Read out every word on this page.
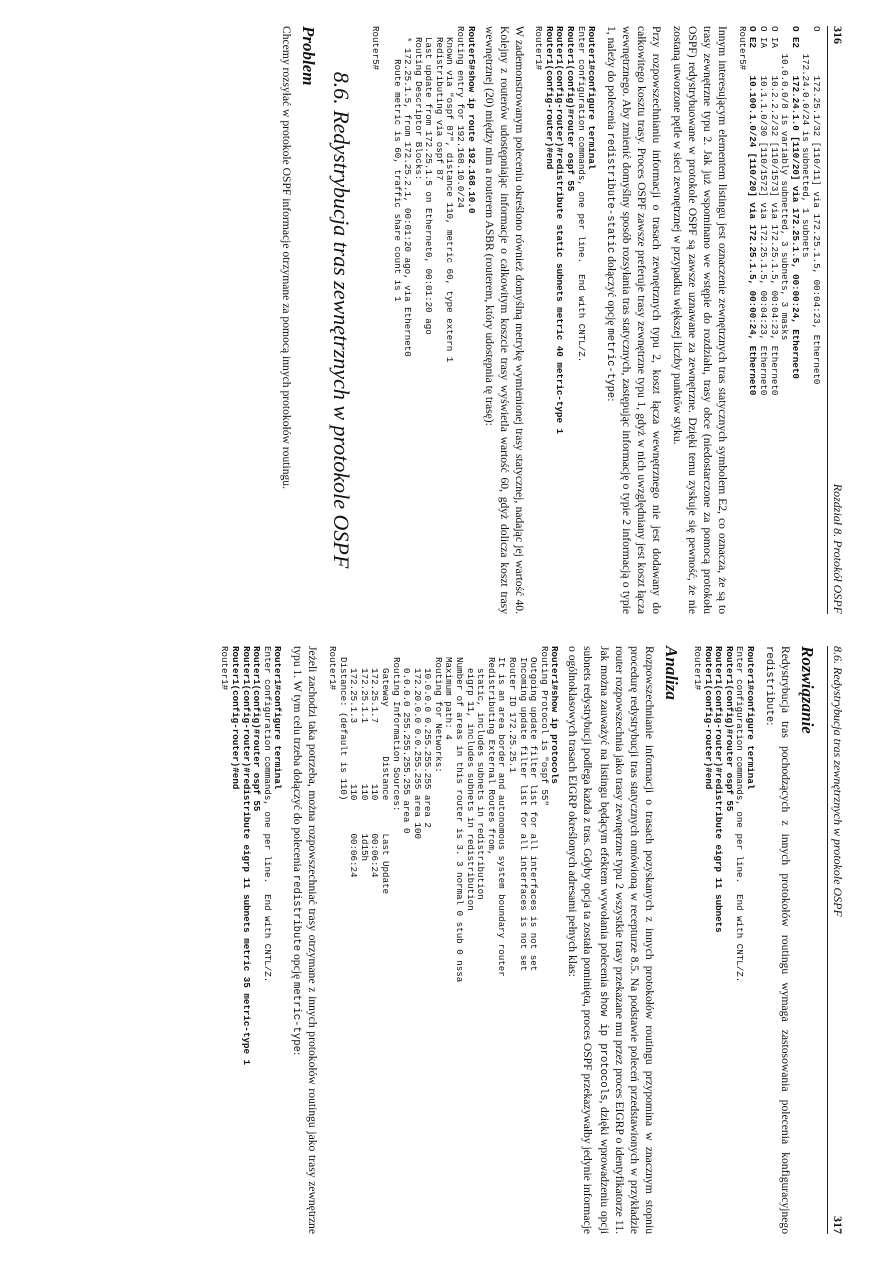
316
Rozdział 8. Protokół OSPF
O        172.25.1/32 [110/11] via 172.25.1.5, 00:04:23, Ethernet0
172.24.0.0/24 is subnetted, 1 subnets
O E2     172.24.1.0 [110/20] via 172.25.1.5, 00:00:24, Ethernet0
10.0.0.0/8 is variably subnetted, 3 subnets, 3 masks
O IA     10.2.2.2/32 [110/1573] via 172.25.1.5, 00:04:23, Ethernet0
O IA     10.1.1.0/30 [110/1572] via 172.25.1.5, 00:04:23, Ethernet0
O E2     10.100.1.0/24 [110/20] via 172.25.1.5, 00:00:24, Ethernet0
Router5#

Innym interesującym elementem listingu jest oznaczenie zewnętrznych tras statycznych symbolem E2, co oznacza, że są to trasy zewnętrzne typu 2. Jak już wspominano we wstępie do rozdziału, trasy obce (niedostarczone za pomocą protokołu OSPF) redystrybuowane w protokole OSPF są zawsze uznawane za zewnętrzne. Dzięki temu zyskuje się pewność, że nie zostaną utworzone pętle w sieci zewnętrznej w przypadku większej liczby punktów styku.

Przy rozpowszechnianiu informacji o trasach zewnętrznych typu 2, koszt łącza wewnętrznego nie jest dodawany do całkowitego kosztu trasy. Proces OSPF zawsze preferuje trasy zewnętrzne typu 1, gdyż w nich uwzględniany jest koszt łącza wewnętrznego. Aby zmienić domyślny sposób rozsyłania tras statycznych, zastępując informację o typie 2 informacją o typie 1, należy do polecenia redistribute-static dołączyć opcję metric-type:

Router1#configure terminal
Enter configuration commands, one per line.  End with CNTL/Z.
Router1(config)#router ospf 55
Router1(config-router)#redistribute static subnets metric 40 metric-type 1
Router1(config-router)#end
Router1#

W zademonstrowanym poleceniu określono również domyślną metrykę wymienionej trasy statycznej, nadając jej wartość 40. Kolejny z routerów udostępniając informacje o całkowitym koszcie trasy wyświetla wartość 60, gdyż dolicza koszt trasy wewnętrznej (20) między nim a routerem ASBR (routerem, który udostępnia tę trasę):

Router5#show ip route 192.168.10.0
Routing entry for 192.168.10.0/24
Known via "ospf 87", distance 110, metric 60, type extern 1
Redistributing via ospf 87
Last update from 172.25.1.5 on Ethernet0, 00:01:20 ago
Routing Descriptor Blocks:
* 172.25.1.5, from 172.25.2.1, 00:01:20 ago, via Ethernet0
Route metric is 60, traffic share count is 1

Router5#
8.6. Redystrybucja tras zewnętrznych w protokole OSPF
Problem

Chcemy rozsyłać w protokole OSPF informacje otrzymane za pomocą innych protokołów routingu.

8.6. Redystrybucja tras zewnętrznych w protokole OSPF
317
Rozwiązanie

Redystrybucja tras pochodzących z innych protokołów routingu wymaga zastosowania polecenia konfiguracyjnego redistribute:

Router1#configure terminal
Enter configuration commands, one per line.  End with CNTL/Z.
Router1(config)#router ospf 55
Router1(config-router)#redistribute eigrp 11 subnets
Router1(config-router)#end
Router1#
Analiza

Rozpowszechnianie informacji o trasach pozyskanych z innych protokołów routingu przypomina w znacznym stopniu procedurę redystrybucji tras statycznych omówioną w recepturze 8.5. Na podstawie poleceń przedstawionych w przykładzie router rozpowszechnia jako trasy zewnętrzne typu 2 wszystkie trasy przekazane mu przez proces EIGRP o identyfikatorze 11. Jak można zauważyć na listingu będącym efektem wywołania polecenia show ip protocols, dzięki wprowadzeniu opcji subnets redystrybucji podlega każda z tras. Gdyby opcja ta została pominięta, proces OSPF przekazywałby jedynie informacje o ogólnoklasowych trasach EIGRP określonych adresami pełnych klas:

Router1#show ip protocols
Routing Protocol is "ospf 55"
Outgoing update filter list for all interfaces is not set
Incoming update filter list for all interfaces is not set
Router ID 172.25.25.1
It is an area border and autonomous system boundary router
Redistributing External Routes from,
static, includes subnets in redistribution
eigrp 11, includes subnets in redistribution
Number of areas in this router is 3. 3 normal 0 stub 0 nssa
Maximum path: 4
Routing for Networks:
10.0.0.0 0.255.255.255 area 2
172.20.0.0 0.0.255.255 area 100
0.0.0.0 255.255.255.255 area 0
Routing Information Sources:
Gateway         Distance      Last Update
172.25.1.7           110      00:06:24
172.25.1.1           110      1d15h
172.25.1.3           110      00:06:24
Distance: (default is 110)
Router1#

Jeżeli zachodzi taka potrzeba, można rozpowszechniać trasy otrzymane z innych protokołów routingu jako trasy zewnętrzne typu 1. W tym celu trzeba dołączyć do polecenia redistribute opcję metric-type:

Router1#configure terminal
Enter configuration commands, one per line.  End with CNTL/Z.
Router1(config)#router ospf 55
Router1(config-router)#redistribute eigrp 11 subnets metric 35 metric-type 1
Router1(config-router)#end
Router1#
